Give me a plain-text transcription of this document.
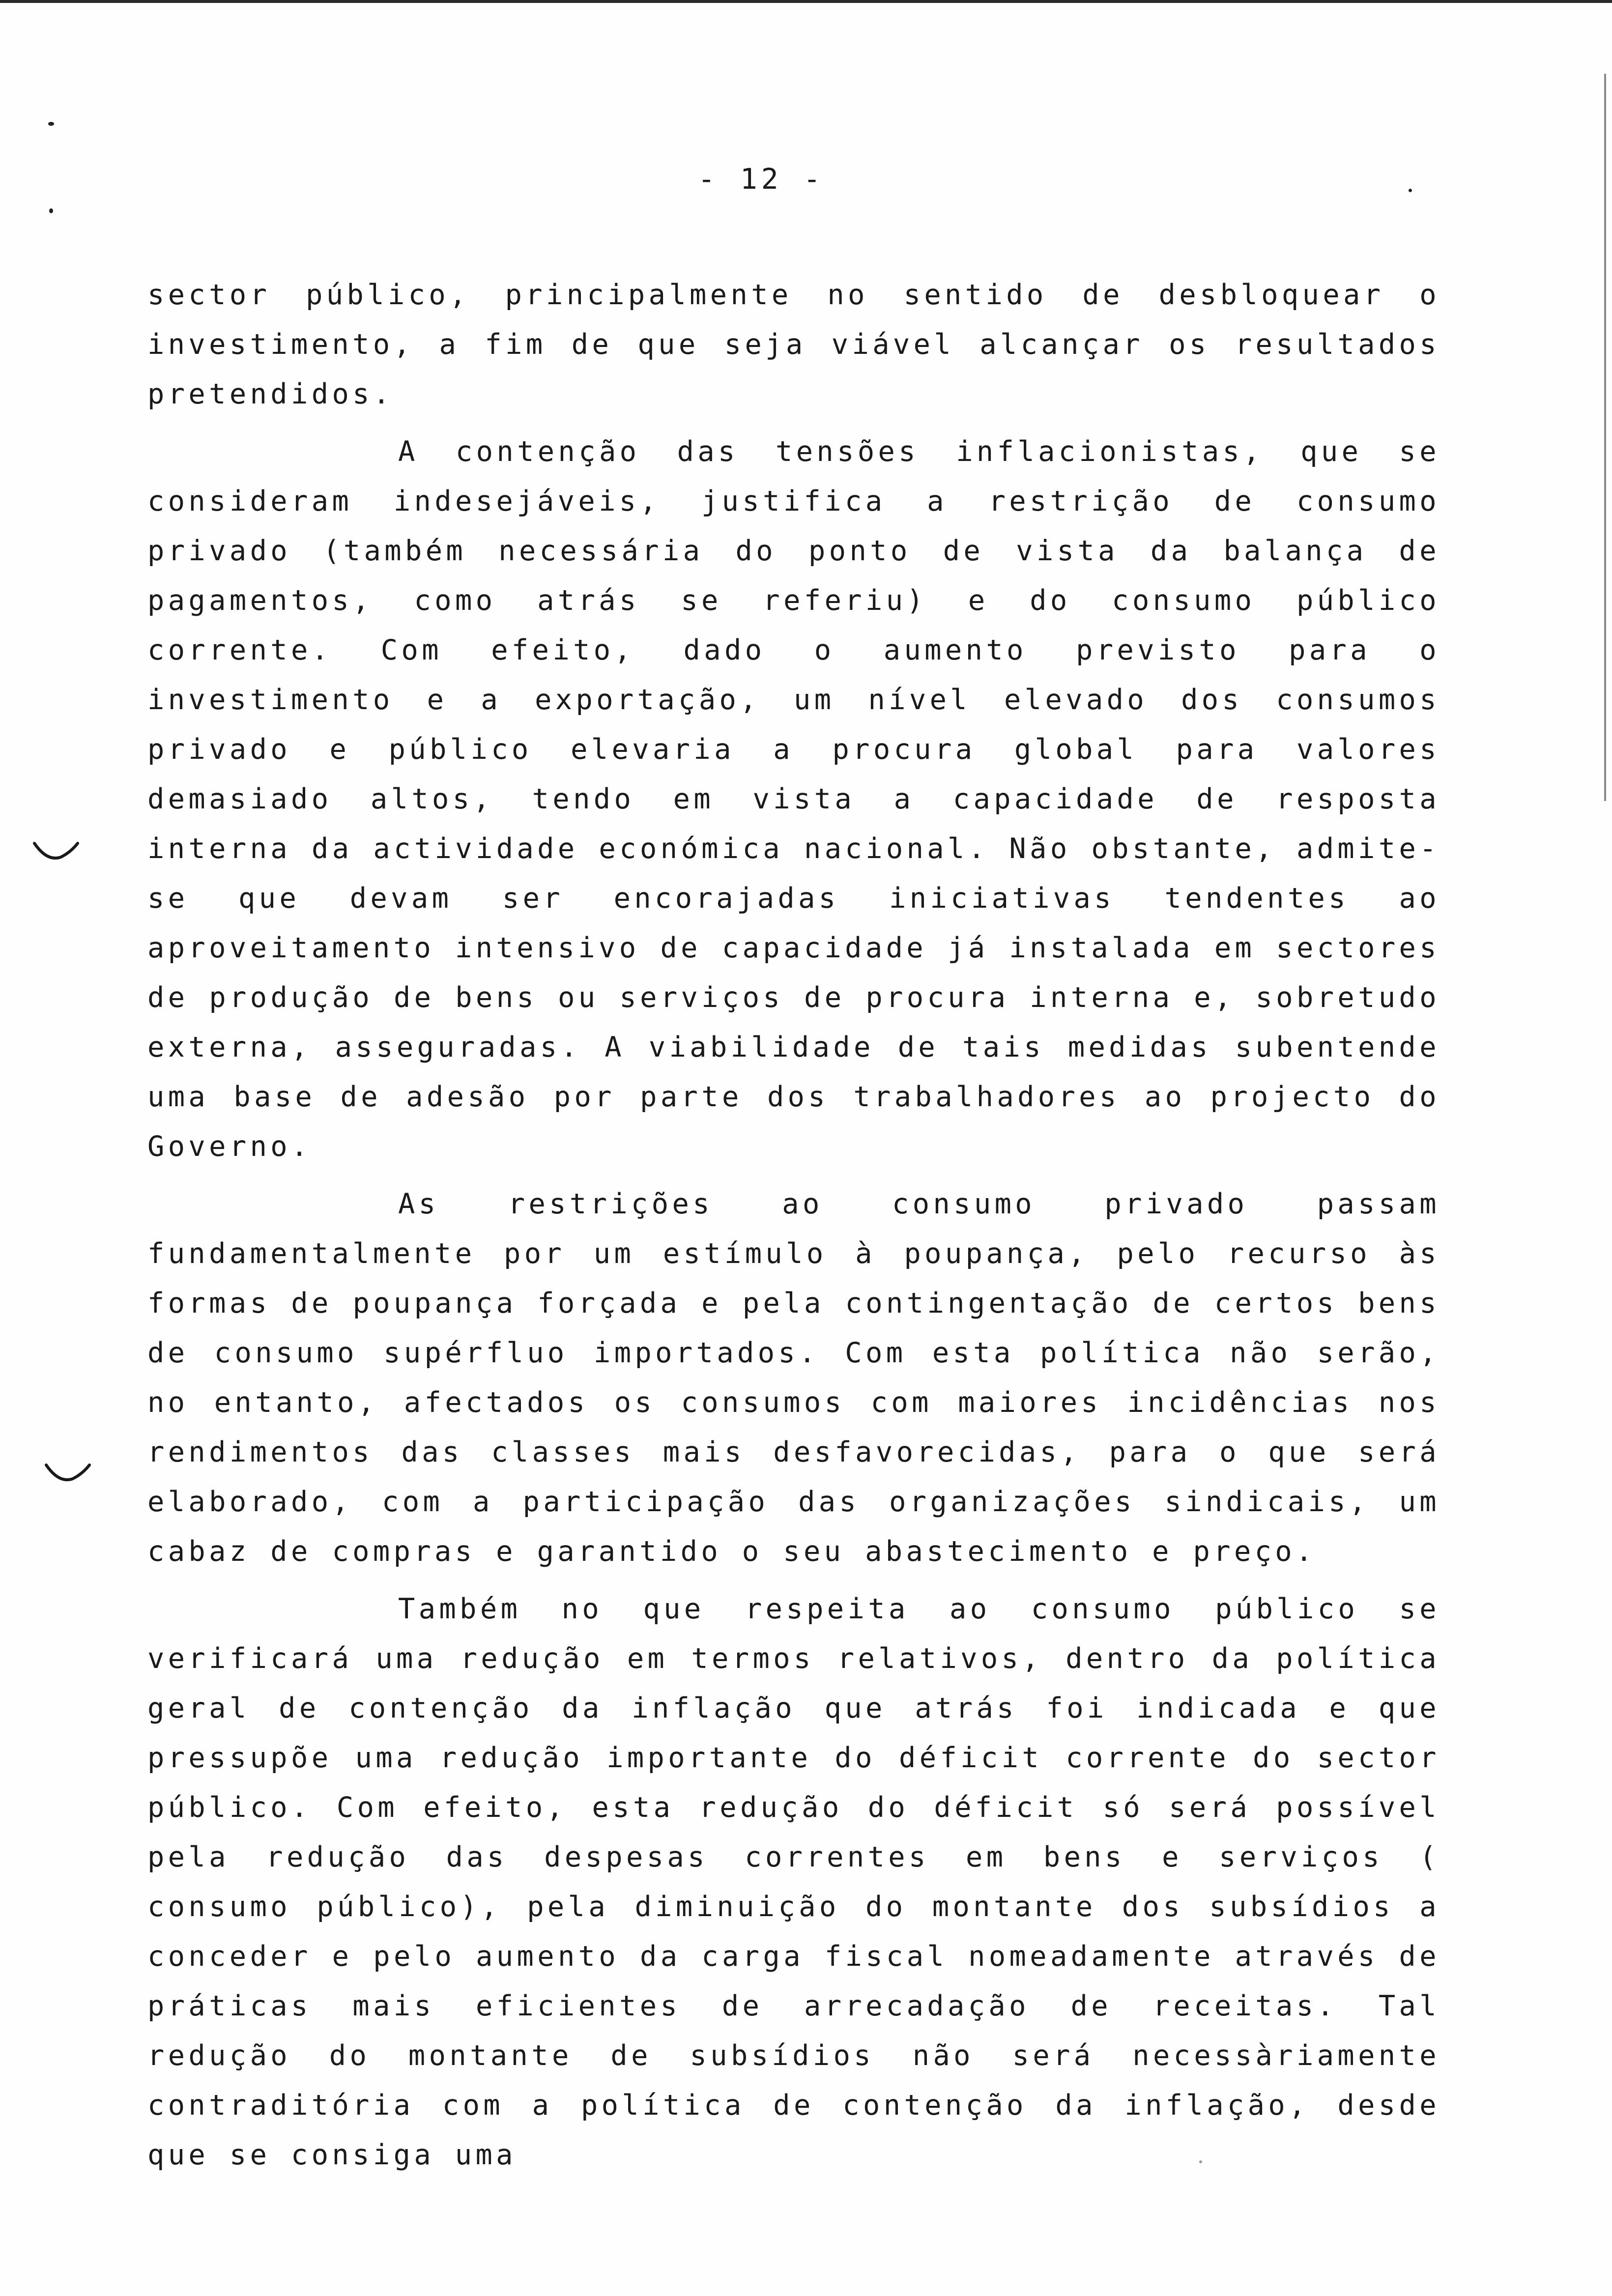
- 12 -

sector público, principalmente no sentido de desbloquear o investimento, a fim de que seja viável alcançar os resultados pretendidos.

A contenção das tensões inflacionistas, que se consideram indesejáveis, justifica a restrição de consumo privado (também necessária do ponto de vista da balança de pagamentos, como atrás se referiu) e do consumo público corrente. Com efeito, dado o aumento previsto para o investimento e a exportação, um nível elevado dos consumos privado e público elevaria a procura global para valores demasiado altos, tendo em vista a capacidade de resposta interna da actividade económica nacional. Não obstante, admite-se que devam ser encorajadas iniciativas tendentes ao aproveitamento intensivo de capacidade já instalada em sectores de produção de bens ou serviços de procura interna e, sobretudo externa, asseguradas. A viabilidade de tais medidas subentende uma base de adesão por parte dos trabalhadores ao projecto do Governo.

As restrições ao consumo privado passam fundamentalmente por um estímulo à poupança, pelo recurso às formas de poupança forçada e pela contingentação de certos bens de consumo supérfluo importados. Com esta política não serão, no entanto, afectados os consumos com maiores incidências nos rendimentos das classes mais desfavorecidas, para o que será elaborado, com a participação das organizações sindicais, um cabaz de compras e garantido o seu abastecimento e preço.

Também no que respeita ao consumo público se verificará uma redução em termos relativos, dentro da política geral de contenção da inflação que atrás foi indicada e que pressupõe uma redução importante do déficit corrente do sector público. Com efeito, esta redução do déficit só será possível pela redução das despesas correntes em bens e serviços ( consumo público), pela diminuição do montante dos subsídios a conceder e pelo aumento da carga fiscal nomeadamente através de práticas mais eficientes de arrecadação de receitas. Tal redução do montante de subsídios não será necessàriamente contraditória com a política de contenção da inflação, desde que se consiga uma
